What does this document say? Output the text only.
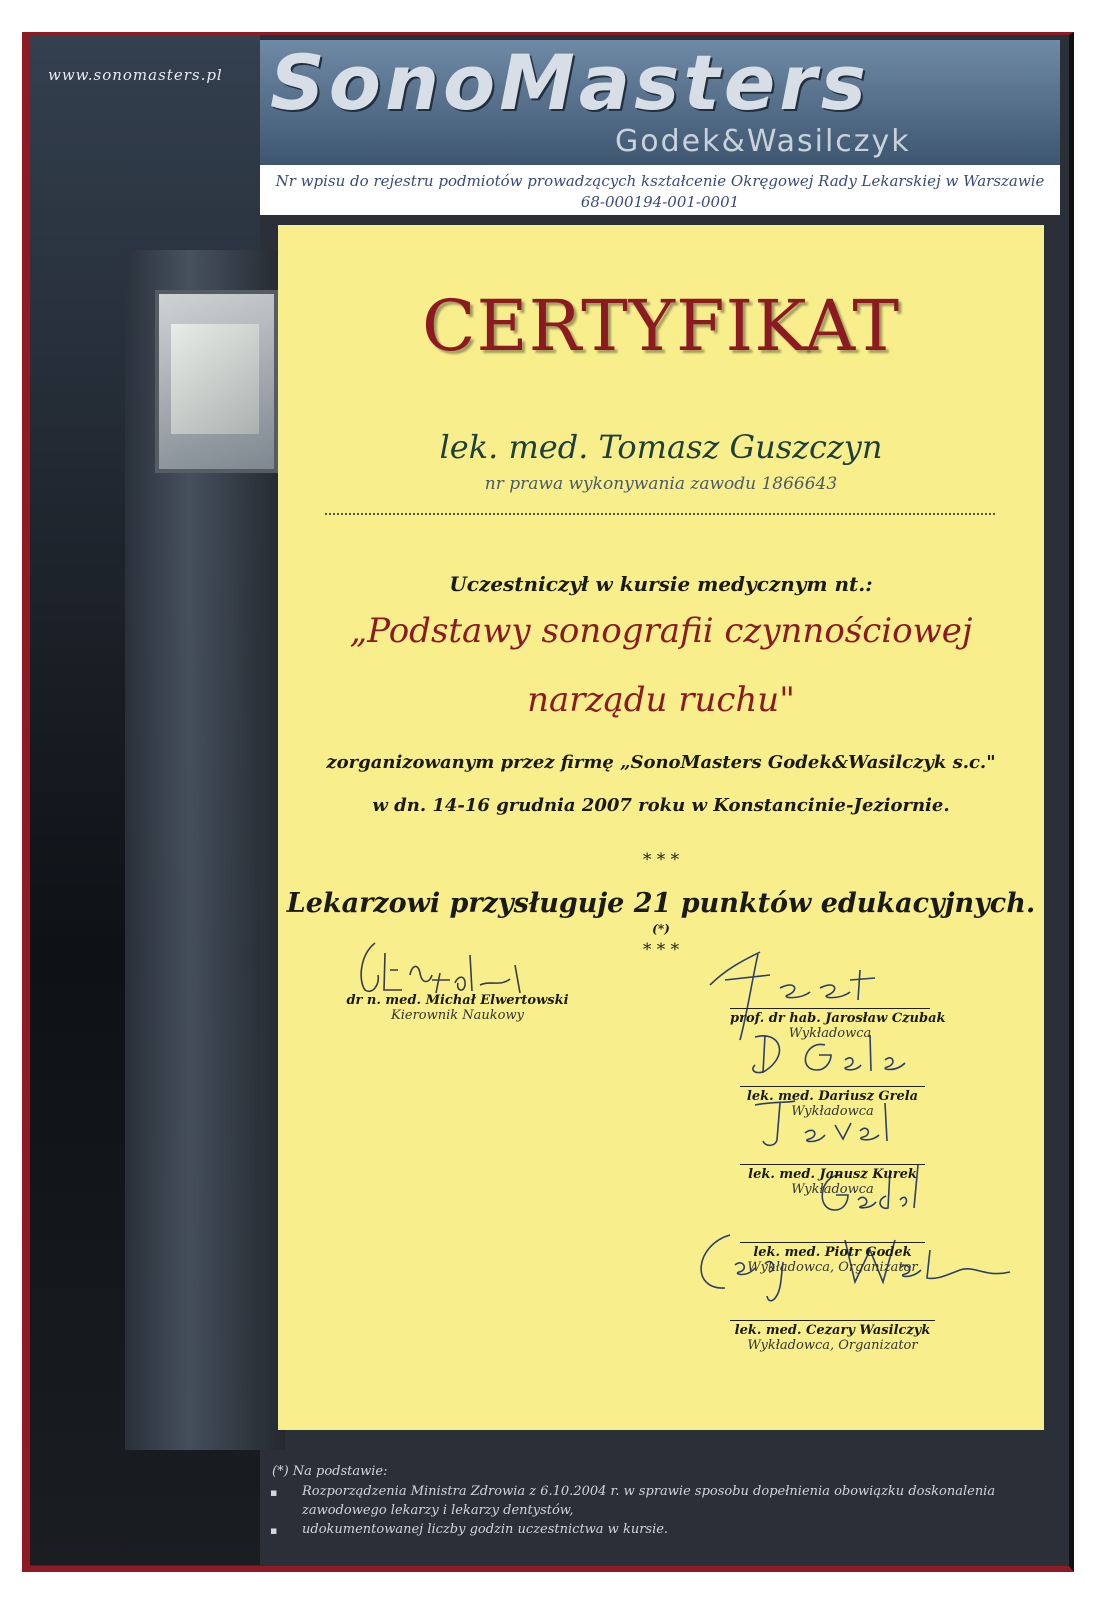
www.sonomasters.pl SonoMasters
Godek&Wasilczyk
Nr wpisu do rejestru podmiotów prowadzących kształcenie Okręgowej Rady Lekarskiej w Warszawie
68-000194-001-0001
CERTYFIKAT
lek. med. Tomasz Guszczyn
nr prawa wykonywania zawodu 1866643
Uczestniczył w kursie medycznym nt.:
„Podstawy sonografii czynnościowej
narządu ruchu"
zorganizowanym przez firmę „SonoMasters Godek&Wasilczyk s.c."
w dn. 14-16 grudnia 2007 roku w Konstancinie-Jeziornie.
* * *
Lekarzowi przysługuje 21 punktów edukacyjnych.(*)
* * *
dr n. med. Michał Elwertowski
Kierownik Naukowy	prof. dr hab. Jarosław Czubak
Wykładowca
lek. med. Dariusz Grela
Wykładowca
lek. med. Janusz Kurek
Wykładowca
lek. med. Piotr Godek
Wykładowca, Organizator
lek. med. Cezary Wasilczyk
Wykładowca, Organizator
(*) Na podstawie:
▪ Rozporządzenia Ministra Zdrowia z 6.10.2004 r. w sprawie sposobu dopełnienia obowiązku doskonalenia
zawodowego lekarzy i lekarzy dentystów,
▪ udokumentowanej liczby godzin uczestnictwa w kursie.
